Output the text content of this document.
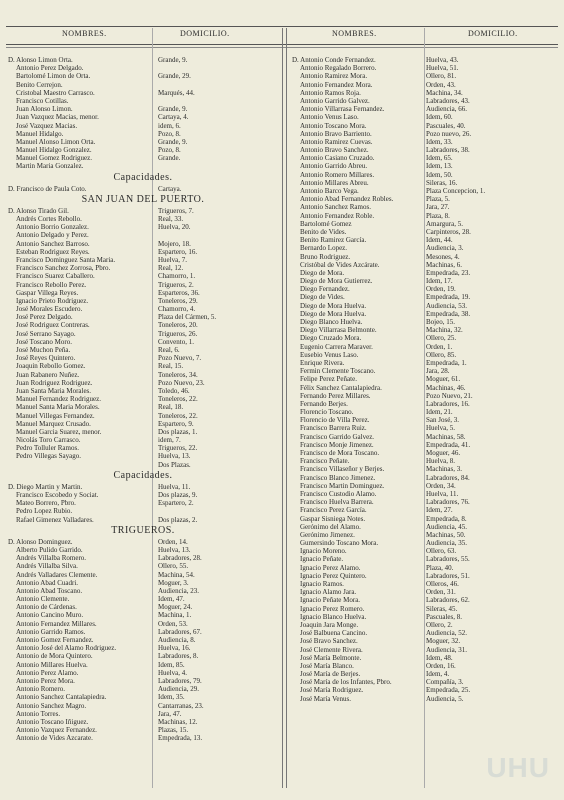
NOMBRES.	DOMICILIO.	NOMBRES.	DOMICILIO.
D. Alonso Limon Orta.	Grande, 9.
Antonio Perez Delgado.
Bartolomé Limon de Orta.	Grande, 29.
Benito Cerrejon.
Cristobal Maestro Carrasco.	Marqués, 44.
Francisco Cotillas.
Juan Alonso Limon.	Grande, 9.
Juan Vazquez Macias, menor.	Cartaya, 4.
José Vazquez Macias.	idem, 6.
Manuel Hidalgo.	Pozo, 8.
Manuel Alonso Limon Orta.	Grande, 9.
Manuel Hidalgo Gonzalez.	Pozo, 8.
Manuel Gomez Rodriguez.	Grande.
Martin Maria Gonzalez.
Capacidades.
D. Francisco de Paula Coto.	Cartaya.
SAN JUAN DEL PUERTO.
D. Alonso Tirado Gil.	Trigueros, 7.
Andrés Cortes Rebollo.	Real, 33.
Antonio Borrio Gonzalez.	Huelva, 20.
Antonio Delgado y Perez.
Antonio Sanchez Barroso.	Mojero, 18.
Esteban Rodriguez Reyes.	Espartero, 16.
Francisco Dominguez Santa Maria.	Huelva, 7.
Francisco Sanchez Zorrosa, Pbro.	Real, 12.
Francisco Suarez Caballero.	Chamorro, 1.
Francisco Rebollo Perez.	Trigueros, 2.
Gaspar Villega Reyes.	Esparteros, 36.
Ignacio Prieto Rodriguez.	Toneleros, 29.
José Morales Escudero.	Chamorro, 4.
José Perez Delgado.	Plaza del Cármen, 5.
José Rodriguez Contreras.	Toneleros, 20.
José Serrano Sayago.	Trigueros, 26.
José Toscano Moro.	Convento, 1.
José Muchon Peña.	Real, 6.
José Reyes Quintero.	Pozo Nuevo, 7.
Joaquin Rebollo Gomez.	Real, 15.
Juan Rabanero Nuñez.	Toneleros, 34.
Juan Rodriguez Rodriguez.	Pozo Nuevo, 23.
Juan Santa Maria Morales.	Toledo, 46.
Manuel Fernandez Rodriguez.	Toneleros, 22.
Manuel Santa Maria Morales.	Real, 18.
Manuel Villegas Fernandez.	Toneleros, 22.
Manuel Marquez Crusado.	Espartero, 9.
Manuel Garcia Suarez, menor.	Dos plazas, 1.
Nicolás Toro Carrasco.	idem, 7.
Pedro Tolluler Ramos.	Trigueros, 22.
Pedro Villegas Sayago.	Huelva, 13.
Dos Plazas.
Capacidades.
D. Diego Martin y Martin.	Huelva, 11.
Francisco Escobedo y Sociat.	Dos plazas, 9.
Mateo Borrero, Pbro.	Espartero, 2.
Pedro Lopez Rubio.
Rafael Gimenez Valladares.	Dos plazas, 2.
TRIGUEROS.
D. Alonso Dominguez.	Orden, 14.
Alberto Pulido Garrido.	Huelva, 13.
Andrés Villalba Romero.	Labradores, 28.
Andrés Villalba Silva.	Ollero, 55.
Andrés Valladares Clemente.	Machina, 54.
Antonio Abad Cuadri.	Moguer, 3.
Antonio Abad Toscano.	Audiencia, 23.
Antonio Clemente.	Idem, 47.
Antonio de Cárdenas.	Moguer, 24.
Antonio Cancino Muro.	Machina, 1.
Antonio Fernandez Millares.	Orden, 53.
Antonio Garrido Ramos.	Labradores, 67.
Antonio Gomez Fernandez.	Audiencia, 8.
Antonio José del Alamo Rodriguez.	Huelva, 16.
Antonio de Mora Quintero.	Labradores, 8.
Antonio Millares Huelva.	Idem, 85.
Antonio Perez Alamo.	Huelva, 4.
Antonio Perez Mora.	Labradores, 79.
Antonio Romero.	Audiencia, 29.
Antonio Sanchez Cantalapiedra.	Idem, 35.
Antonio Sanchez Magro.	Cantarranas, 23.
Antonio Torres.	Jara, 47.
Antonio Toscano Iñiguez.	Machinas, 12.
Antonio Vazquez Fernandez.	Plazas, 15.
Antonio de Vides Azcarate.	Empedrada, 13.
D. Antonio Conde Fernandez.	Huelva, 43.
Antonio Regalado Borrero.	Huelva, 51.
Antonio Ramirez Mora.	Ollero, 81.
Antonio Fernandez Mora.	Orden, 43.
Antonio Ramos Roja.	Machina, 34.
Antonio Garrido Galvez.	Labradores, 43.
Antonio Villarrasa Fernandez.	Audiencia, 66.
Antonio Venus Laso.	Idem, 60.
Antonio Toscano Mora.	Pascuales, 40.
Antonio Bravo Barriento.	Pozo nuevo, 26.
Antonio Ramirez Cuevas.	Idem, 33.
Antonio Bravo Sanchez.	Labradores, 38.
Antonio Casiano Cruzado.	Idem, 65.
Antonio Garrido Abreu.	Idem, 13.
Antonio Romero Millares.	Idem, 50.
Antonio Millares Abreu.	Sileras, 16.
Antonio Barco Vega.	Plaza Concepcion, 1.
Antonio Abad Fernandez Robles.	Plaza, 5.
Antonio Sanchez Ramos.	Jara, 27.
Antonio Fernandez Roble.	Plaza, 8.
Bartolomé Gomez	Amargura, 5.
Benito de Vides.	Carpinteros, 28.
Benito Ramirez García.	Idem, 44.
Bernardo Lopez.	Audiencia, 3.
Bruno Rodriguez.	Mesones, 4.
Cristóbal de Vides Azcárate.	Machinas, 6.
Diego de Mora.	Empedrada, 23.
Diego de Mora Gutierrez.	Idem, 17.
Diego Fernandez.	Orden, 19.
Diego de Vides.	Empedrada, 19.
Diego de Mora Huelva.	Audiencia, 53.
Diego de Mora Huelva.	Empedrada, 38.
Diego Blanco Huelva.	Bojeo, 15.
Diego Villarrasa Belmonte.	Machina, 32.
Diego Cruzado Mora.	Ollero, 25.
Eugenio Carrera Maraver.	Orden, 1.
Eusebio Venus Laso.	Ollero, 85.
Enrique Rivera.	Empedrada, 1.
Fermin Clemente Toscano.	Jara, 28.
Felipe Perez Peñate.	Moguer, 61.
Félix Sanchez Cantalapiedra.	Machinas, 46.
Fernando Perez Millares.	Pozo Nuevo, 21.
Fernando Berjes.	Labradores, 16.
Florencio Toscano.	Idem, 21.
Florencio de Villa Perez.	San José, 3.
Francisco Barrera Ruiz.	Huelva, 5.
Francisco Garrido Galvez.	Machinas, 58.
Francisco Monje Jimenez.	Empedrada, 41.
Francisco de Mora Toscano.	Moguer, 46.
Francisco Peñate.	Huelva, 8.
Francisco Villaseñor y Berjes.	Machinas, 3.
Francisco Blanco Jimenez.	Labradores, 84.
Francisco Martin Dominguez.	Orden, 34.
Francisco Custodio Alamo.	Huelva, 11.
Francisco Huelva Barrera.	Labradores, 76.
Francisco Perez García.	Idem, 27.
Gaspar Sisniega Notes.	Empedrada, 8.
Gerónimo del Alamo.	Audiencia, 45.
Gerónimo Jimenez.	Machinas, 50.
Gumersindo Toscano Mora.	Audiencia, 35.
Ignacio Moreno.	Ollero, 63.
Ignacio Peñate.	Labradores, 55.
Ignacio Perez Alamo.	Plaza, 40.
Ignacio Perez Quintero.	Labradores, 51.
Ignacio Ramos.	Olleros, 46.
Ignacio Alamo Jara.	Orden, 31.
Ignacio Peñate Mora.	Labradores, 62.
Ignacio Perez Romero.	Sileras, 45.
Ignacio Blanco Huelva.	Pascuales, 8.
Joaquin Jara Monge.	Ollero, 2.
José Balbuena Cancino.	Audiencia, 52.
José Bravo Sanchez.	Moguer, 32.
José Clemente Rivera.	Audiencia, 31.
José María Belmonte.	Idem, 48.
José María Blanco.	Orden, 16.
José María de Berjes.	Idem, 4.
José María de los Infantes, Pbro.	Compañía, 3.
José María Rodriguez.	Empedrada, 25.
José María Venus.	Audiencia, 5.
UHU
